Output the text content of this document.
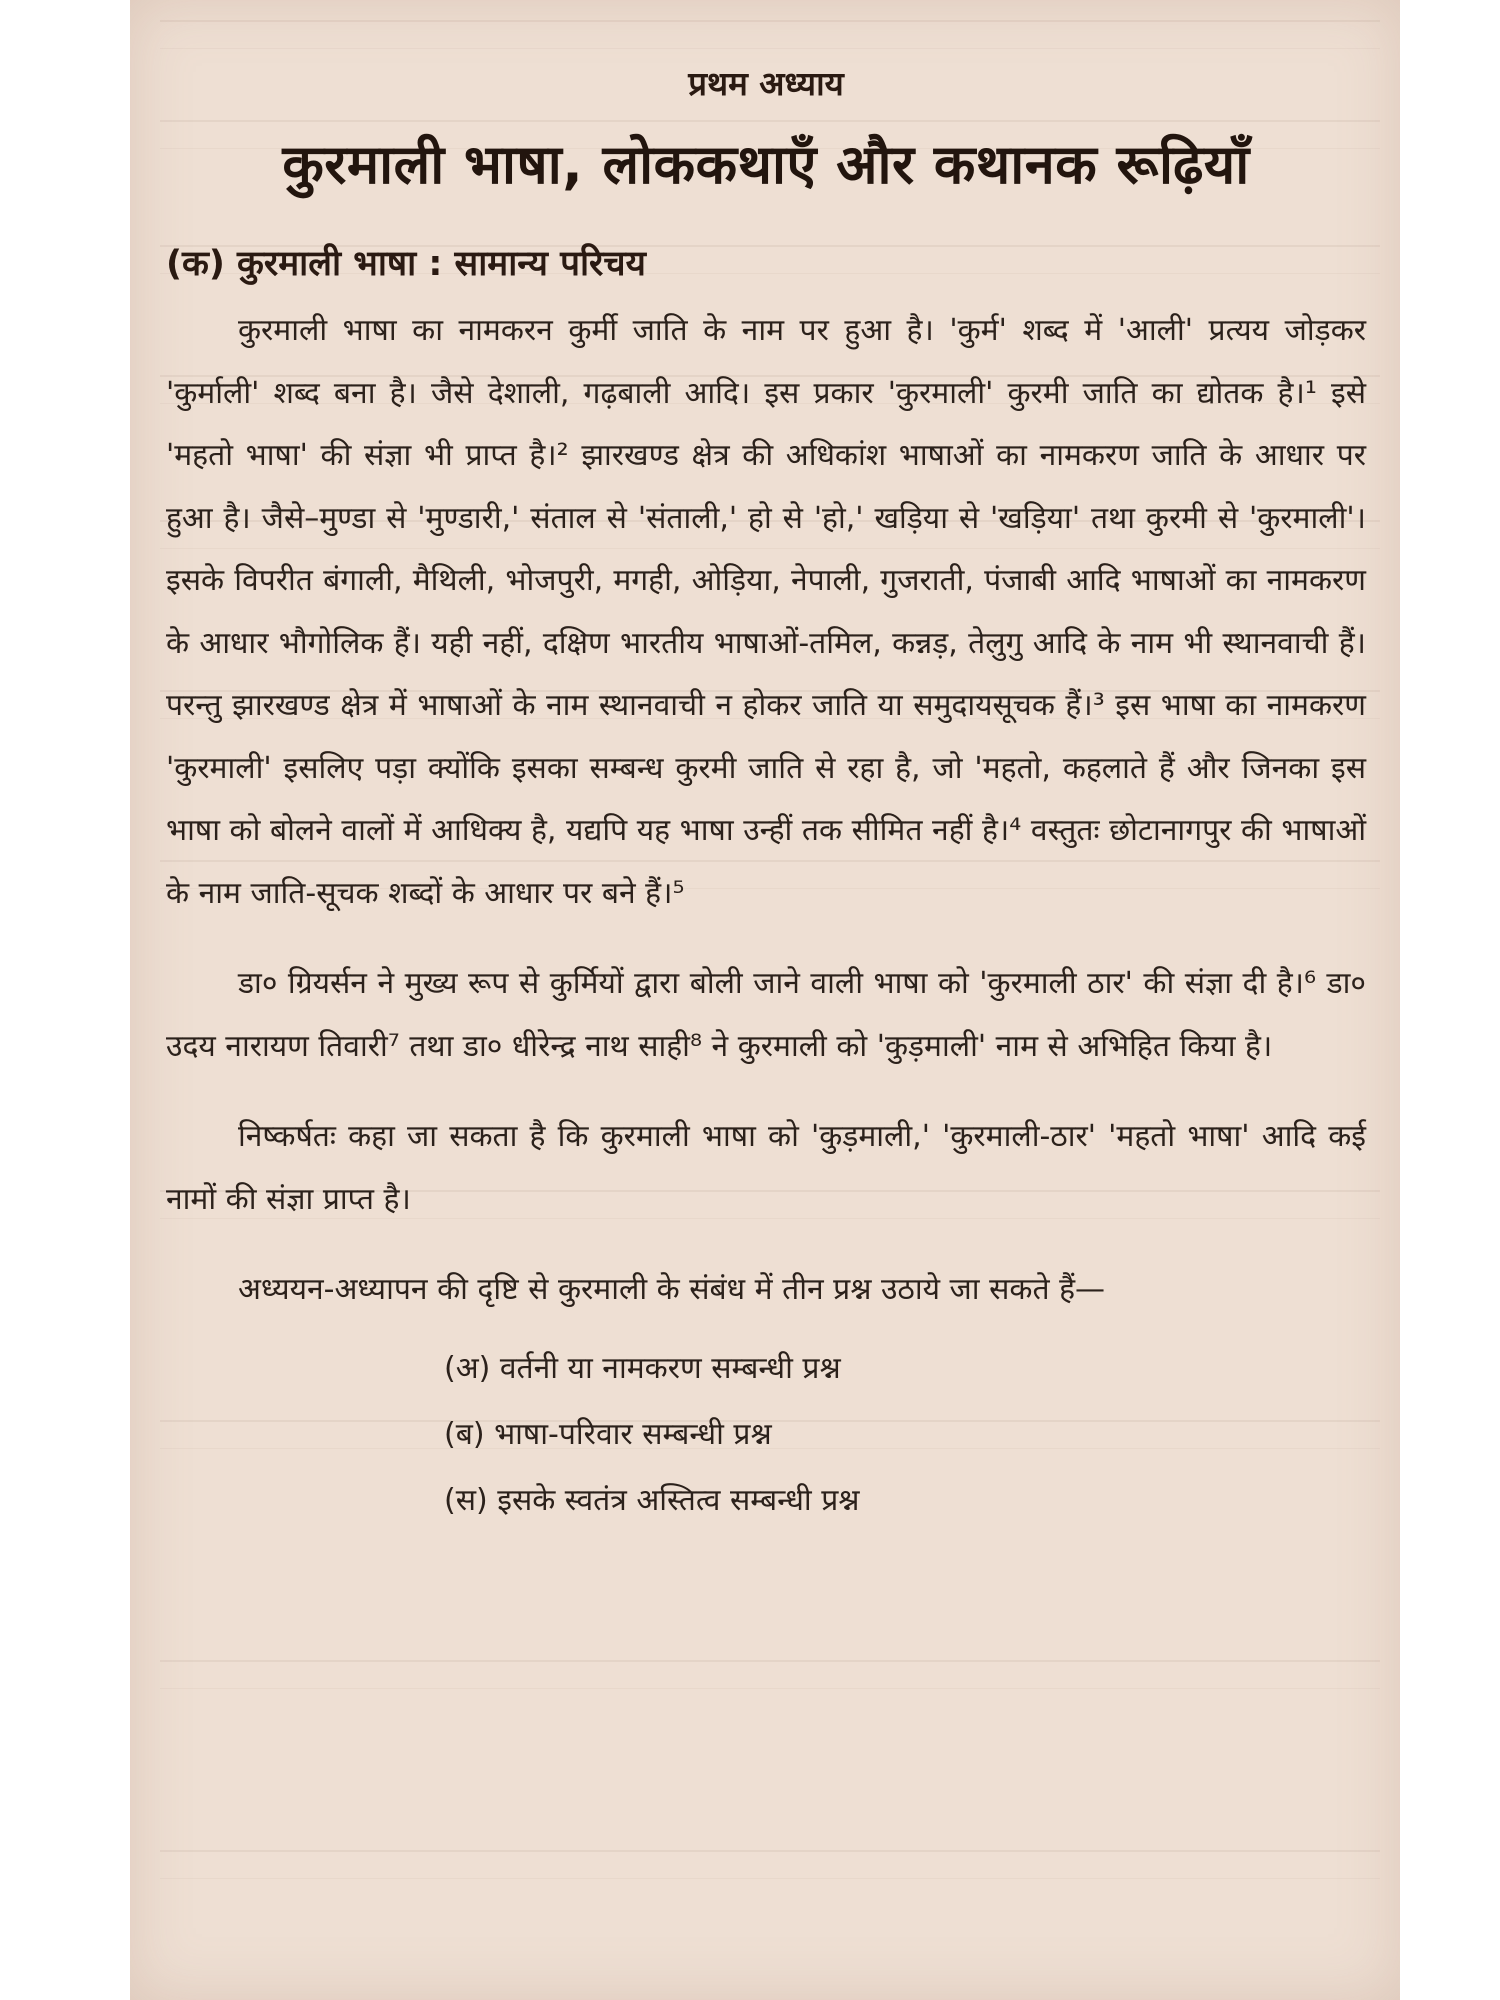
प्रथम अध्याय
कुरमाली भाषा, लोककथाएँ और कथानक रूढ़ियाँ
(क) कुरमाली भाषा : सामान्य परिचय

कुरमाली भाषा का नामकरन कुर्मी जाति के नाम पर हुआ है। 'कुर्म' शब्द में 'आली' प्रत्यय जोड़कर 'कुर्माली' शब्द बना है। जैसे देशाली, गढ़बाली आदि। इस प्रकार 'कुरमाली' कुरमी जाति का द्योतक है।¹ इसे 'महतो भाषा' की संज्ञा भी प्राप्त है।² झारखण्ड क्षेत्र की अधिकांश भाषाओं का नामकरण जाति के आधार पर हुआ है। जैसे–मुण्डा से 'मुण्डारी,' संताल से 'संताली,' हो से 'हो,' खड़िया से 'खड़िया' तथा कुरमी से 'कुरमाली'। इसके विपरीत बंगाली, मैथिली, भोजपुरी, मगही, ओड़िया, नेपाली, गुजराती, पंजाबी आदि भाषाओं का नामकरण के आधार भौगोलिक हैं। यही नहीं, दक्षिण भारतीय भाषाओं-तमिल, कन्नड़, तेलुगु आदि के नाम भी स्थानवाची हैं। परन्तु झारखण्ड क्षेत्र में भाषाओं के नाम स्थानवाची न होकर जाति या समुदायसूचक हैं।³ इस भाषा का नामकरण 'कुरमाली' इसलिए पड़ा क्योंकि इसका सम्बन्ध कुरमी जाति से रहा है, जो 'महतो, कहलाते हैं और जिनका इस भाषा को बोलने वालों में आधिक्य है, यद्यपि यह भाषा उन्हीं तक सीमित नहीं है।⁴ वस्तुतः छोटानागपुर की भाषाओं के नाम जाति-सूचक शब्दों के आधार पर बने हैं।⁵

डा० ग्रियर्सन ने मुख्य रूप से कुर्मियों द्वारा बोली जाने वाली भाषा को 'कुरमाली ठार' की संज्ञा दी है।⁶ डा० उदय नारायण तिवारी⁷ तथा डा० धीरेन्द्र नाथ साही⁸ ने कुरमाली को 'कुड़माली' नाम से अभिहित किया है।

निष्कर्षतः कहा जा सकता है कि कुरमाली भाषा को 'कुड़माली,' 'कुरमाली-ठार' 'महतो भाषा' आदि कई नामों की संज्ञा प्राप्त है।

अध्ययन-अध्यापन की दृष्टि से कुरमाली के संबंध में तीन प्रश्न उठाये जा सकते हैं—

(अ) वर्तनी या नामकरण सम्बन्धी प्रश्न
(ब) भाषा-परिवार सम्बन्धी प्रश्न
(स) इसके स्वतंत्र अस्तित्व सम्बन्धी प्रश्न
